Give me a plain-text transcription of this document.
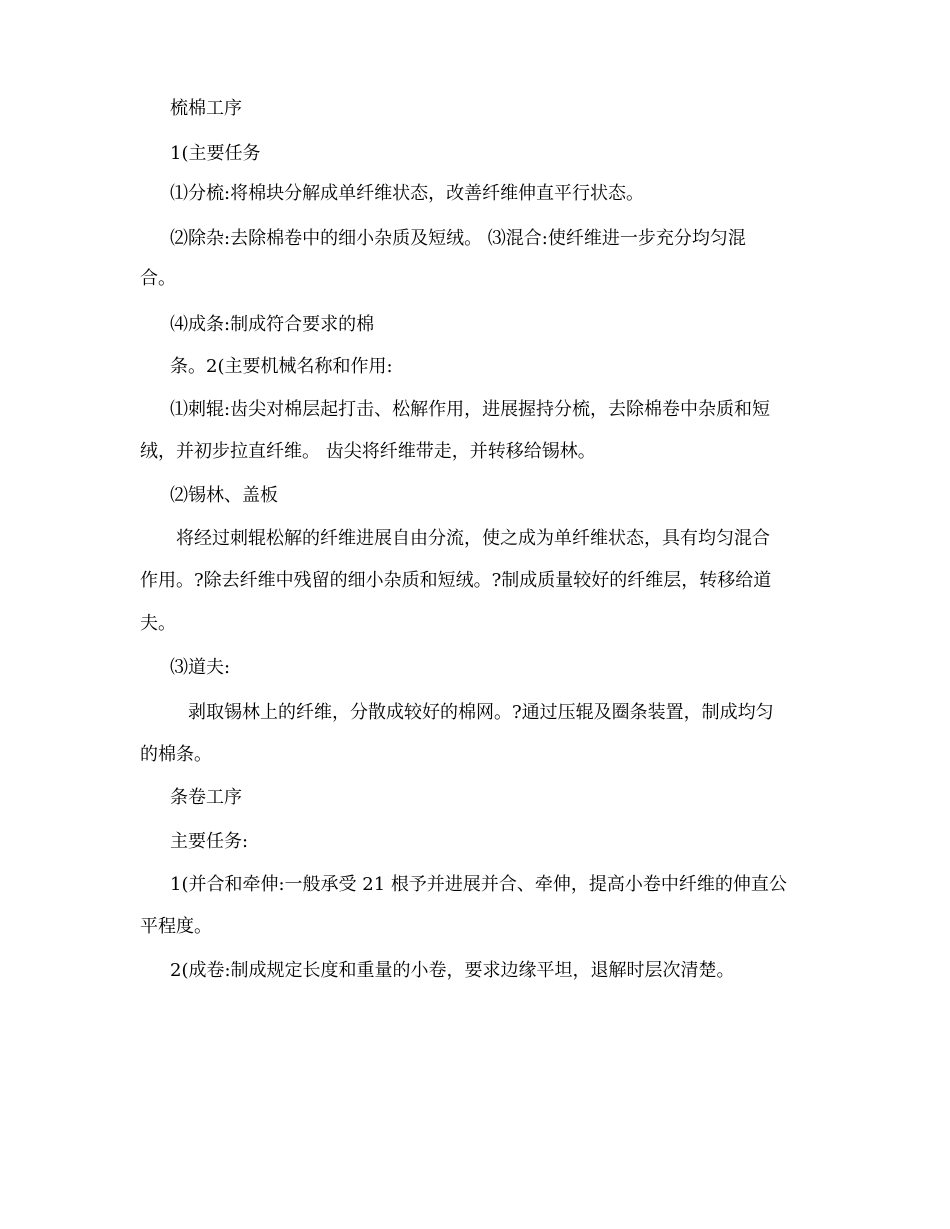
梳棉工序
1(主要任务
⑴分梳:将棉块分解成单纤维状态，改善纤维伸直平行状态。
⑵除杂:去除棉卷中的细小杂质及短绒。 ⑶混合:使纤维进一步充分均匀混
合。
⑷成条:制成符合要求的棉
条。2(主要机械名称和作用:
⑴刺辊:齿尖对棉层起打击、松解作用，进展握持分梳，去除棉卷中杂质和短
绒，并初步拉直纤维。 齿尖将纤维带走，并转移给锡林。
⑵锡林、盖板
将经过刺辊松解的纤维进展自由分流，使之成为单纤维状态，具有均匀混合
作用。?除去纤维中残留的细小杂质和短绒。?制成质量较好的纤维层，转移给道
夫。
⑶道夫:
剥取锡林上的纤维，分散成较好的棉网。?通过压辊及圈条装置，制成均匀
的棉条。
条卷工序
主要任务:
1(并合和牵伸:一般承受 21 根予并进展并合、牵伸，提高小卷中纤维的伸直公
平程度。
2(成卷:制成规定长度和重量的小卷，要求边缘平坦，退解时层次清楚。
